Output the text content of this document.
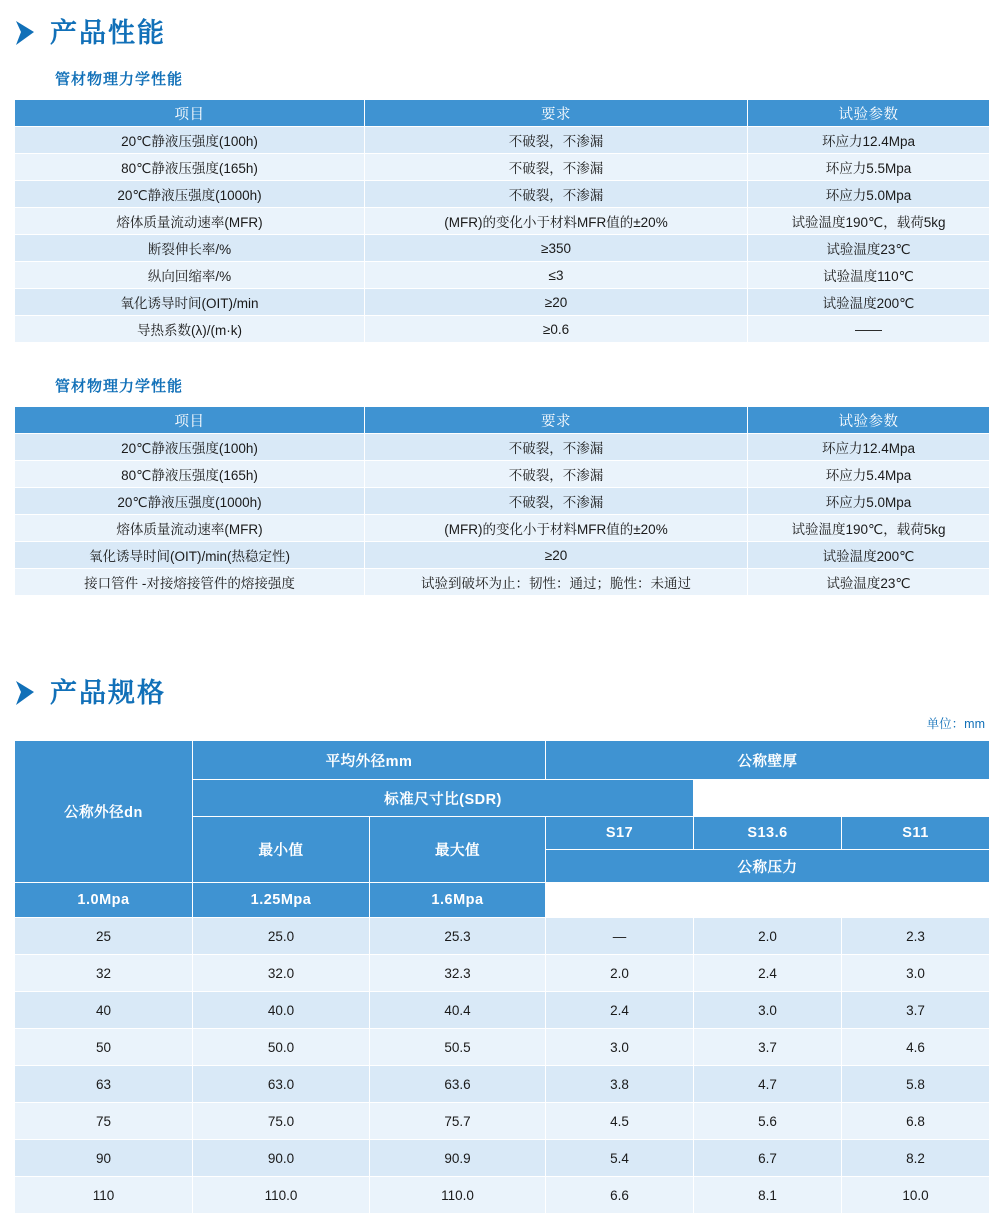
产品性能
管材物理力学性能
项目	要求	试验参数
20℃静液压强度(100h)	不破裂，不渗漏	环应力12.4Mpa
80℃静液压强度(165h)	不破裂，不渗漏	环应力5.5Mpa
20℃静液压强度(1000h)	不破裂，不渗漏	环应力5.0Mpa
熔体质量流动速率(MFR)	(MFR)的变化小于材料MFR值的±20%	试验温度190℃，载荷5kg
断裂伸长率/%	≥350	试验温度23℃
纵向回缩率/%	≤3	试验温度110℃
氧化诱导时间(OIT)/min	≥20	试验温度200℃
导热系数(λ)/(m·k)	≥0.6	——
管材物理力学性能
项目	要求	试验参数
20℃静液压强度(100h)	不破裂，不渗漏	环应力12.4Mpa
80℃静液压强度(165h)	不破裂，不渗漏	环应力5.4Mpa
20℃静液压强度(1000h)	不破裂，不渗漏	环应力5.0Mpa
熔体质量流动速率(MFR)	(MFR)的变化小于材料MFR值的±20%	试验温度190℃，载荷5kg
氧化诱导时间(OIT)/min(热稳定性)	≥20	试验温度200℃
接口管件 -对接熔接管件的熔接强度	试验到破坏为止：韧性：通过；脆性：未通过	试验温度23℃
产品规格
单位：mm
公称外径dn	平均外径mm		公称壁厚		
	标准尺寸比(SDR)				
	最小值	最大值	S17	S13.6	S11
			公称压力		
1.0Mpa	1.25Mpa	1.6Mpa			
25	25.0	25.3	—	2.0	2.3
32	32.0	32.3	2.0	2.4	3.0
40	40.0	40.4	2.4	3.0	3.7
50	50.0	50.5	3.0	3.7	4.6
63	63.0	63.6	3.8	4.7	5.8
75	75.0	75.7	4.5	5.6	6.8
90	90.0	90.9	5.4	6.7	8.2
110	110.0	110.0	6.6	8.1	10.0
